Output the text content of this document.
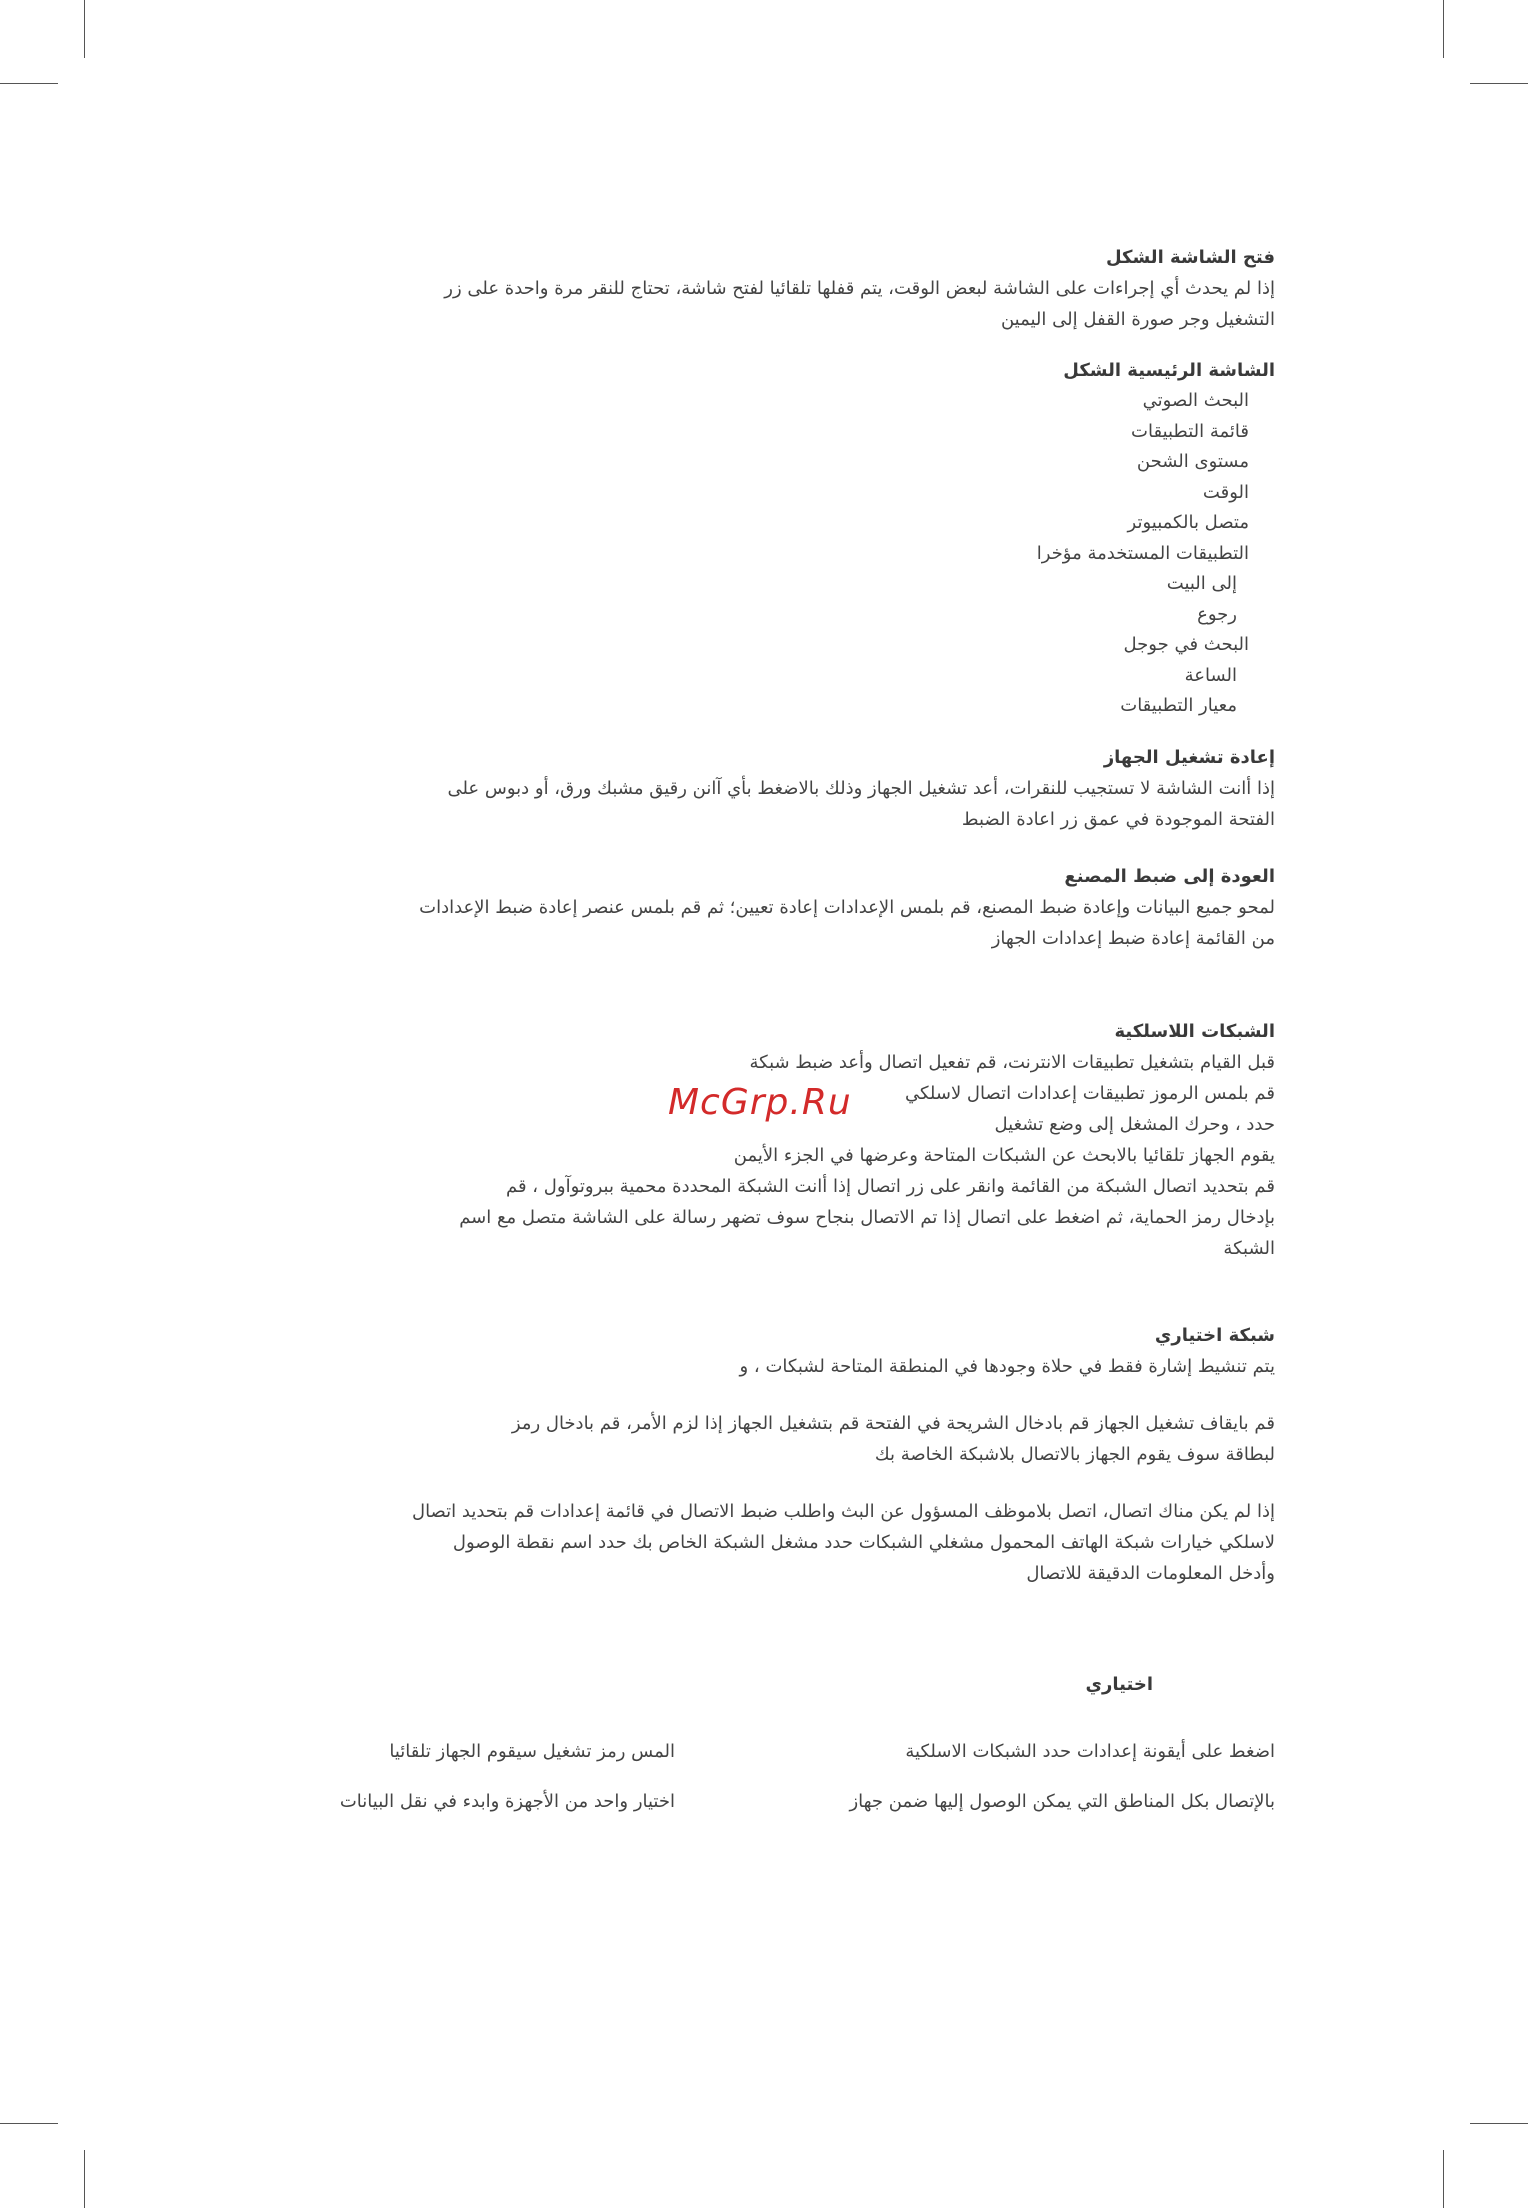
فتح الشاشة الشكل
إذا لم يحدث أي إجراءات على الشاشة لبعض الوقت، يتم قفلها تلقائيا لفتح شاشة، تحتاج للنقر مرة واحدة على زر
التشغيل وجر صورة القفل إلى اليمين
الشاشة الرئيسية الشكل
البحث الصوتي
قائمة التطبيقات
مستوى الشحن
الوقت
متصل بالكمبيوتر
التطبيقات المستخدمة مؤخرا
إلى البيت
رجوع
البحث في جوجل
الساعة
معيار التطبيقات
إعادة تشغيل الجهاز
إذا أانت الشاشة لا تستجيب للنقرات، أعد تشغيل الجهاز وذلك بالاضغط بأي آانن رقيق مشبك ورق، أو دبوس على
الفتحة الموجودة في عمق زر اعادة الضبط
العودة إلى ضبط المصنع
لمحو جميع البيانات وإعادة ضبط المصنع، قم بلمس الإعدادات إعادة تعيين؛ ثم قم بلمس عنصر إعادة ضبط الإعدادات
من القائمة إعادة ضبط إعدادات الجهاز
الشبكات اللاسلكية
قبل القيام بتشغيل تطبيقات الانترنت، قم تفعيل اتصال وأعد ضبط شبكة
قم بلمس الرموز تطبيقات إعدادات اتصال لاسلكي
حدد ، وحرك المشغل إلى وضع تشغيل
يقوم الجهاز تلقائيا بالابحث عن الشبكات المتاحة وعرضها في الجزء الأيمن
قم بتحديد اتصال الشبكة من القائمة وانقر على زر اتصال إذا أانت الشبكة المحددة محمية ببروتوآول ، قم
بإدخال رمز الحماية، ثم اضغط على اتصال إذا تم الاتصال بنجاح سوف تضهر رسالة على الشاشة متصل مع اسم
الشبكة
شبكة اختياري
يتم تنشيط إشارة فقط في حلاة وجودها في المنطقة المتاحة لشبكات ، و
قم بايقاف تشغيل الجهاز قم بادخال الشريحة في الفتحة قم بتشغيل الجهاز إذا لزم الأمر، قم بادخال رمز
لبطاقة سوف يقوم الجهاز بالاتصال بلاشبكة الخاصة بك
إذا لم يكن مناك اتصال، اتصل بلاموظف المسؤول عن البث واطلب ضبط الاتصال في قائمة إعدادات قم بتحديد اتصال
لاسلكي خيارات شبكة الهاتف المحمول مشغلي الشبكات حدد مشغل الشبكة الخاص بك حدد اسم نقطة الوصول
وأدخل المعلومات الدقيقة للاتصال
اختياري
اضغط على أيقونة إعدادات حدد الشبكات الاسلكية
المس رمز تشغيل سيقوم الجهاز تلقائيا
بالإتصال بكل المناطق التي يمكن الوصول إليها ضمن جهاز
اختيار واحد من الأجهزة وابدء في نقل البيانات
McGrp.Ru
